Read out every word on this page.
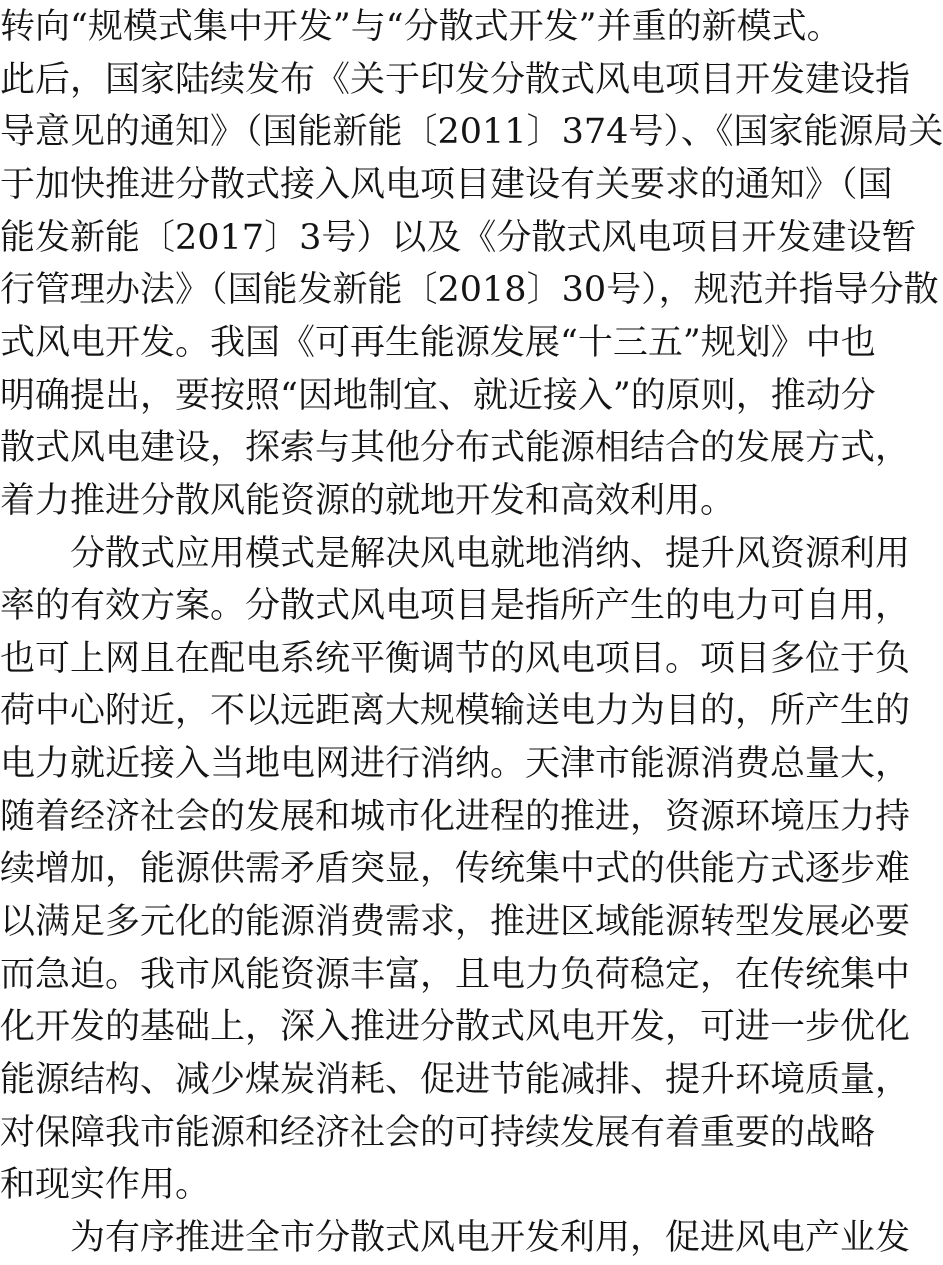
转向“规模式集中开发”与“分散式开发”并重的新模式。
此后，国家陆续发布《关于印发分散式风电项目开发建设指
导意见的通知》（国能新能〔2011〕374号）、《国家能源局关
于加快推进分散式接入风电项目建设有关要求的通知》（国
能发新能〔2017〕3号）以及《分散式风电项目开发建设暂
行管理办法》（国能发新能〔2018〕30号），规范并指导分散
式风电开发。我国《可再生能源发展“十三五”规划》中也
明确提出，要按照“因地制宜、就近接入”的原则，推动分
散式风电建设，探索与其他分布式能源相结合的发展方式，
着力推进分散风能资源的就地开发和高效利用。
分散式应用模式是解决风电就地消纳、提升风资源利用
率的有效方案。分散式风电项目是指所产生的电力可自用，
也可上网且在配电系统平衡调节的风电项目。项目多位于负
荷中心附近，不以远距离大规模输送电力为目的，所产生的
电力就近接入当地电网进行消纳。天津市能源消费总量大，
随着经济社会的发展和城市化进程的推进，资源环境压力持
续增加，能源供需矛盾突显，传统集中式的供能方式逐步难
以满足多元化的能源消费需求，推进区域能源转型发展必要
而急迫。我市风能资源丰富，且电力负荷稳定，在传统集中
化开发的基础上，深入推进分散式风电开发，可进一步优化
能源结构、减少煤炭消耗、促进节能减排、提升环境质量，
对保障我市能源和经济社会的可持续发展有着重要的战略
和现实作用。
为有序推进全市分散式风电开发利用，促进风电产业发
